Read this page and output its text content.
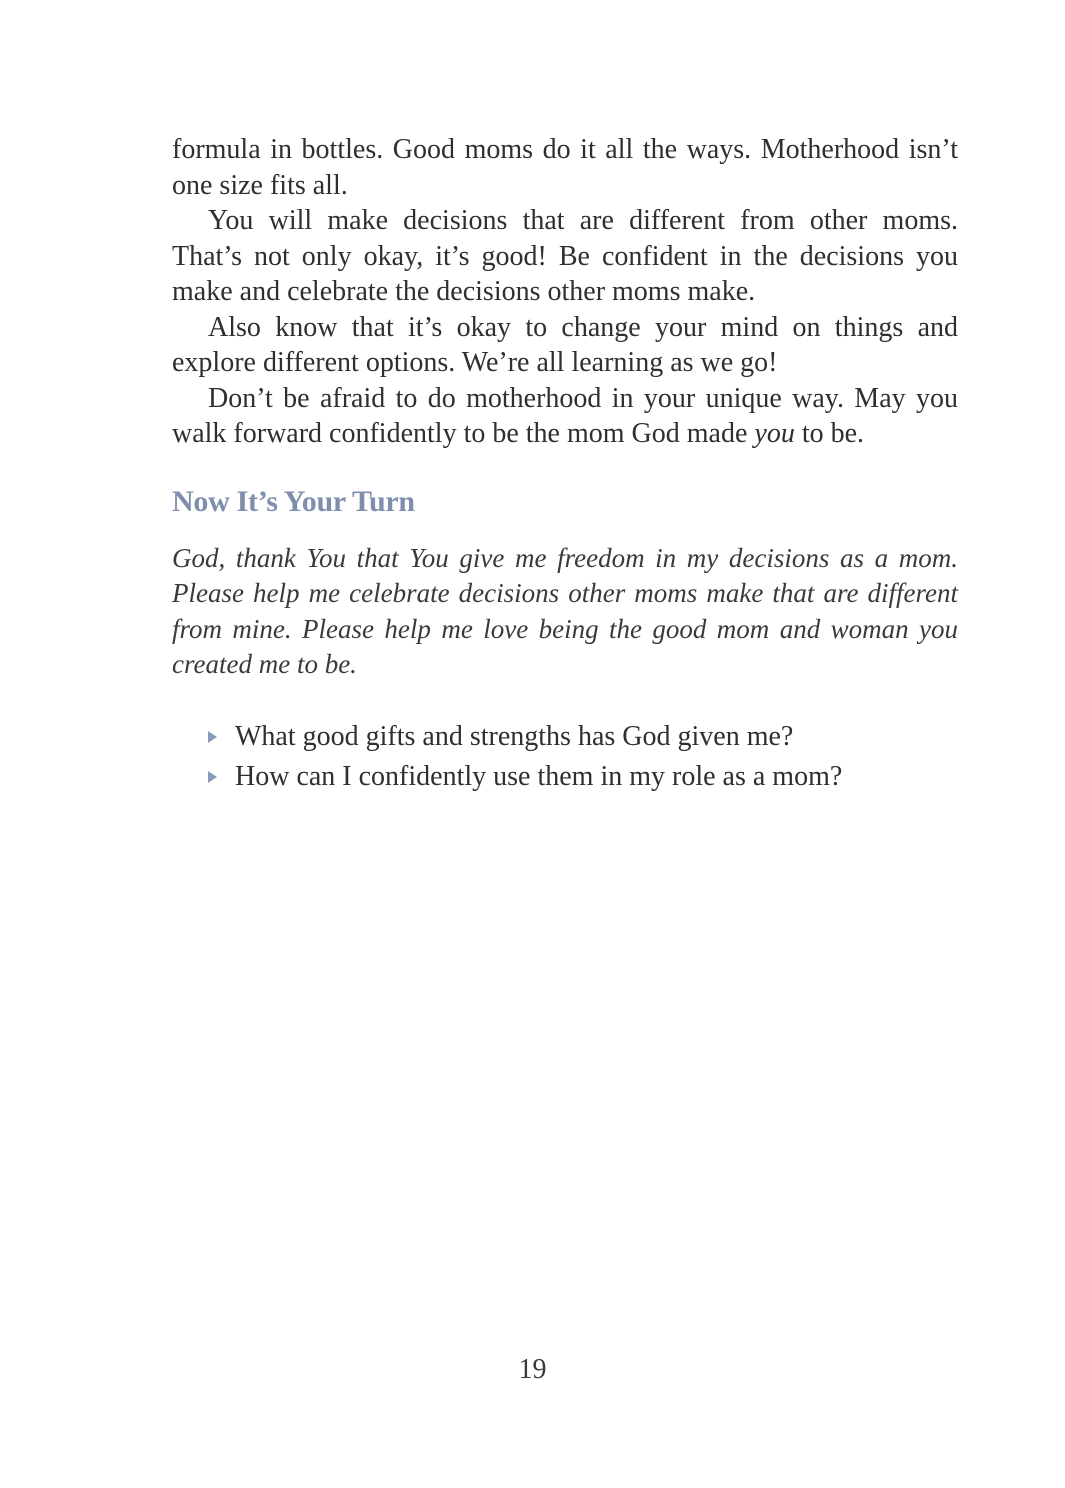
formula in bottles. Good moms do it all the ways. Motherhood isn’t one size fits all.

You will make decisions that are different from other moms. That’s not only okay, it’s good! Be confident in the decisions you make and celebrate the decisions other moms make.

Also know that it’s okay to change your mind on things and explore different options. We’re all learning as we go!

Don’t be afraid to do motherhood in your unique way. May you walk forward confidently to be the mom God made you to be.

Now It’s Your Turn

God, thank You that You give me freedom in my decisions as a mom. Please help me celebrate decisions other moms make that are different from mine. Please help me love being the good mom and woman you created me to be.

What good gifts and strengths has God given me?
How can I confidently use them in my role as a mom?
19
